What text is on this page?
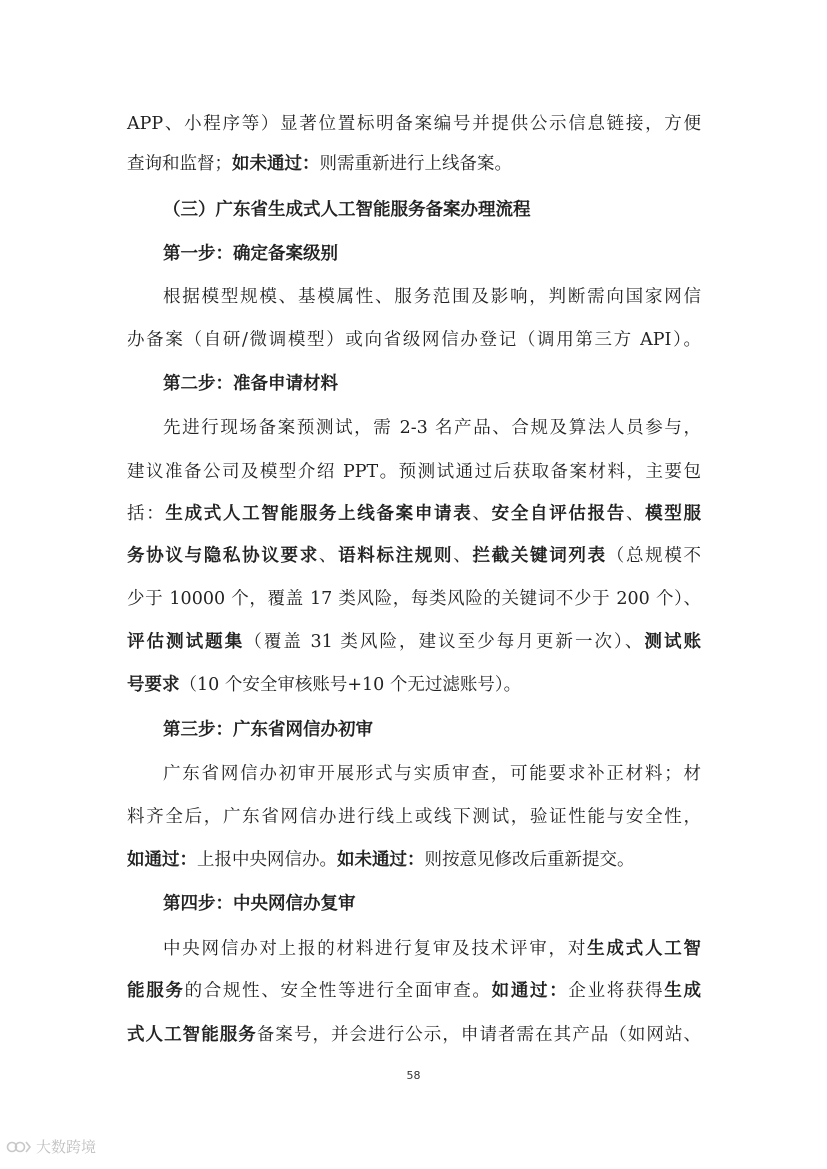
APP、小程序等）显著位置标明备案编号并提供公示信息链接，方便
查询和监督；如未通过：则需重新进行上线备案。
（三）广东省生成式人工智能服务备案办理流程
第一步：确定备案级别
根据模型规模、基模属性、服务范围及影响，判断需向国家网信
办备案（自研/微调模型）或向省级网信办登记（调用第三方 API）。
第二步：准备申请材料
先进行现场备案预测试，需 2-3 名产品、合规及算法人员参与，
建议准备公司及模型介绍 PPT。预测试通过后获取备案材料，主要包
括：生成式人工智能服务上线备案申请表、安全自评估报告、模型服
务协议与隐私协议要求、语料标注规则、拦截关键词列表（总规模不
少于 10000 个，覆盖 17 类风险，每类风险的关键词不少于 200 个）、
评估测试题集（覆盖 31 类风险，建议至少每月更新一次）、测试账
号要求（10 个安全审核账号+10 个无过滤账号）。
第三步：广东省网信办初审
广东省网信办初审开展形式与实质审查，可能要求补正材料；材
料齐全后，广东省网信办进行线上或线下测试，验证性能与安全性，
如通过：上报中央网信办。如未通过：则按意见修改后重新提交。
第四步：中央网信办复审
中央网信办对上报的材料进行复审及技术评审，对生成式人工智
能服务的合规性、安全性等进行全面审查。如通过：企业将获得生成
式人工智能服务备案号，并会进行公示，申请者需在其产品（如网站、
58
大数跨境
